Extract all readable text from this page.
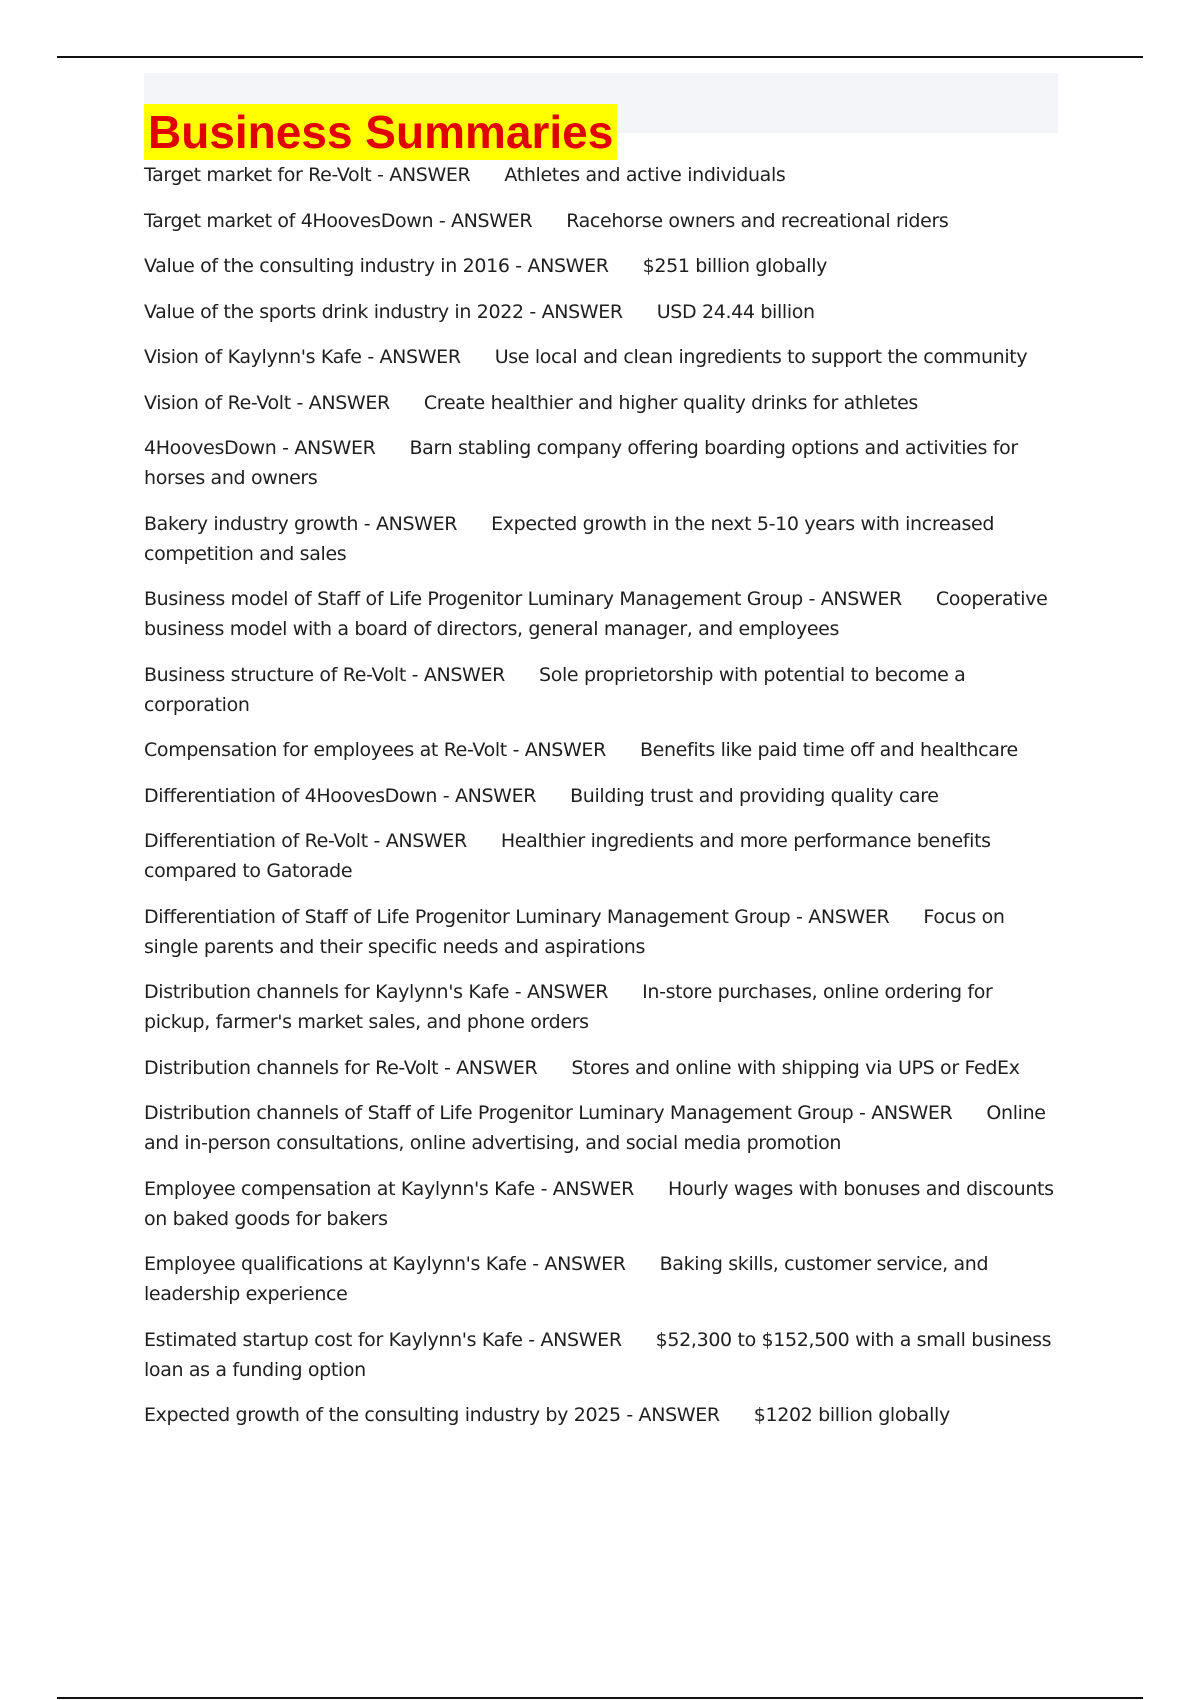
Business Summaries
Target market for Re-Volt - ANSWER Athletes and active individuals
Target market of 4HoovesDown - ANSWER Racehorse owners and recreational riders
Value of the consulting industry in 2016 - ANSWER $251 billion globally
Value of the sports drink industry in 2022 - ANSWER USD 24.44 billion
Vision of Kaylynn's Kafe - ANSWER Use local and clean ingredients to support the community
Vision of Re-Volt - ANSWER Create healthier and higher quality drinks for athletes
4HoovesDown - ANSWER Barn stabling company offering boarding options and activities for horses and owners
Bakery industry growth - ANSWER Expected growth in the next 5-10 years with increased competition and sales
Business model of Staff of Life Progenitor Luminary Management Group - ANSWER Cooperative business model with a board of directors, general manager, and employees
Business structure of Re-Volt - ANSWER Sole proprietorship with potential to become a corporation
Compensation for employees at Re-Volt - ANSWER Benefits like paid time off and healthcare
Differentiation of 4HoovesDown - ANSWER Building trust and providing quality care
Differentiation of Re-Volt - ANSWER Healthier ingredients and more performance benefits compared to Gatorade
Differentiation of Staff of Life Progenitor Luminary Management Group - ANSWER Focus on single parents and their specific needs and aspirations
Distribution channels for Kaylynn's Kafe - ANSWER In-store purchases, online ordering for pickup, farmer's market sales, and phone orders
Distribution channels for Re-Volt - ANSWER Stores and online with shipping via UPS or FedEx
Distribution channels of Staff of Life Progenitor Luminary Management Group - ANSWER Online and in-person consultations, online advertising, and social media promotion
Employee compensation at Kaylynn's Kafe - ANSWER Hourly wages with bonuses and discounts on baked goods for bakers
Employee qualifications at Kaylynn's Kafe - ANSWER Baking skills, customer service, and leadership experience
Estimated startup cost for Kaylynn's Kafe - ANSWER $52,300 to $152,500 with a small business loan as a funding option
Expected growth of the consulting industry by 2025 - ANSWER $1202 billion globally
